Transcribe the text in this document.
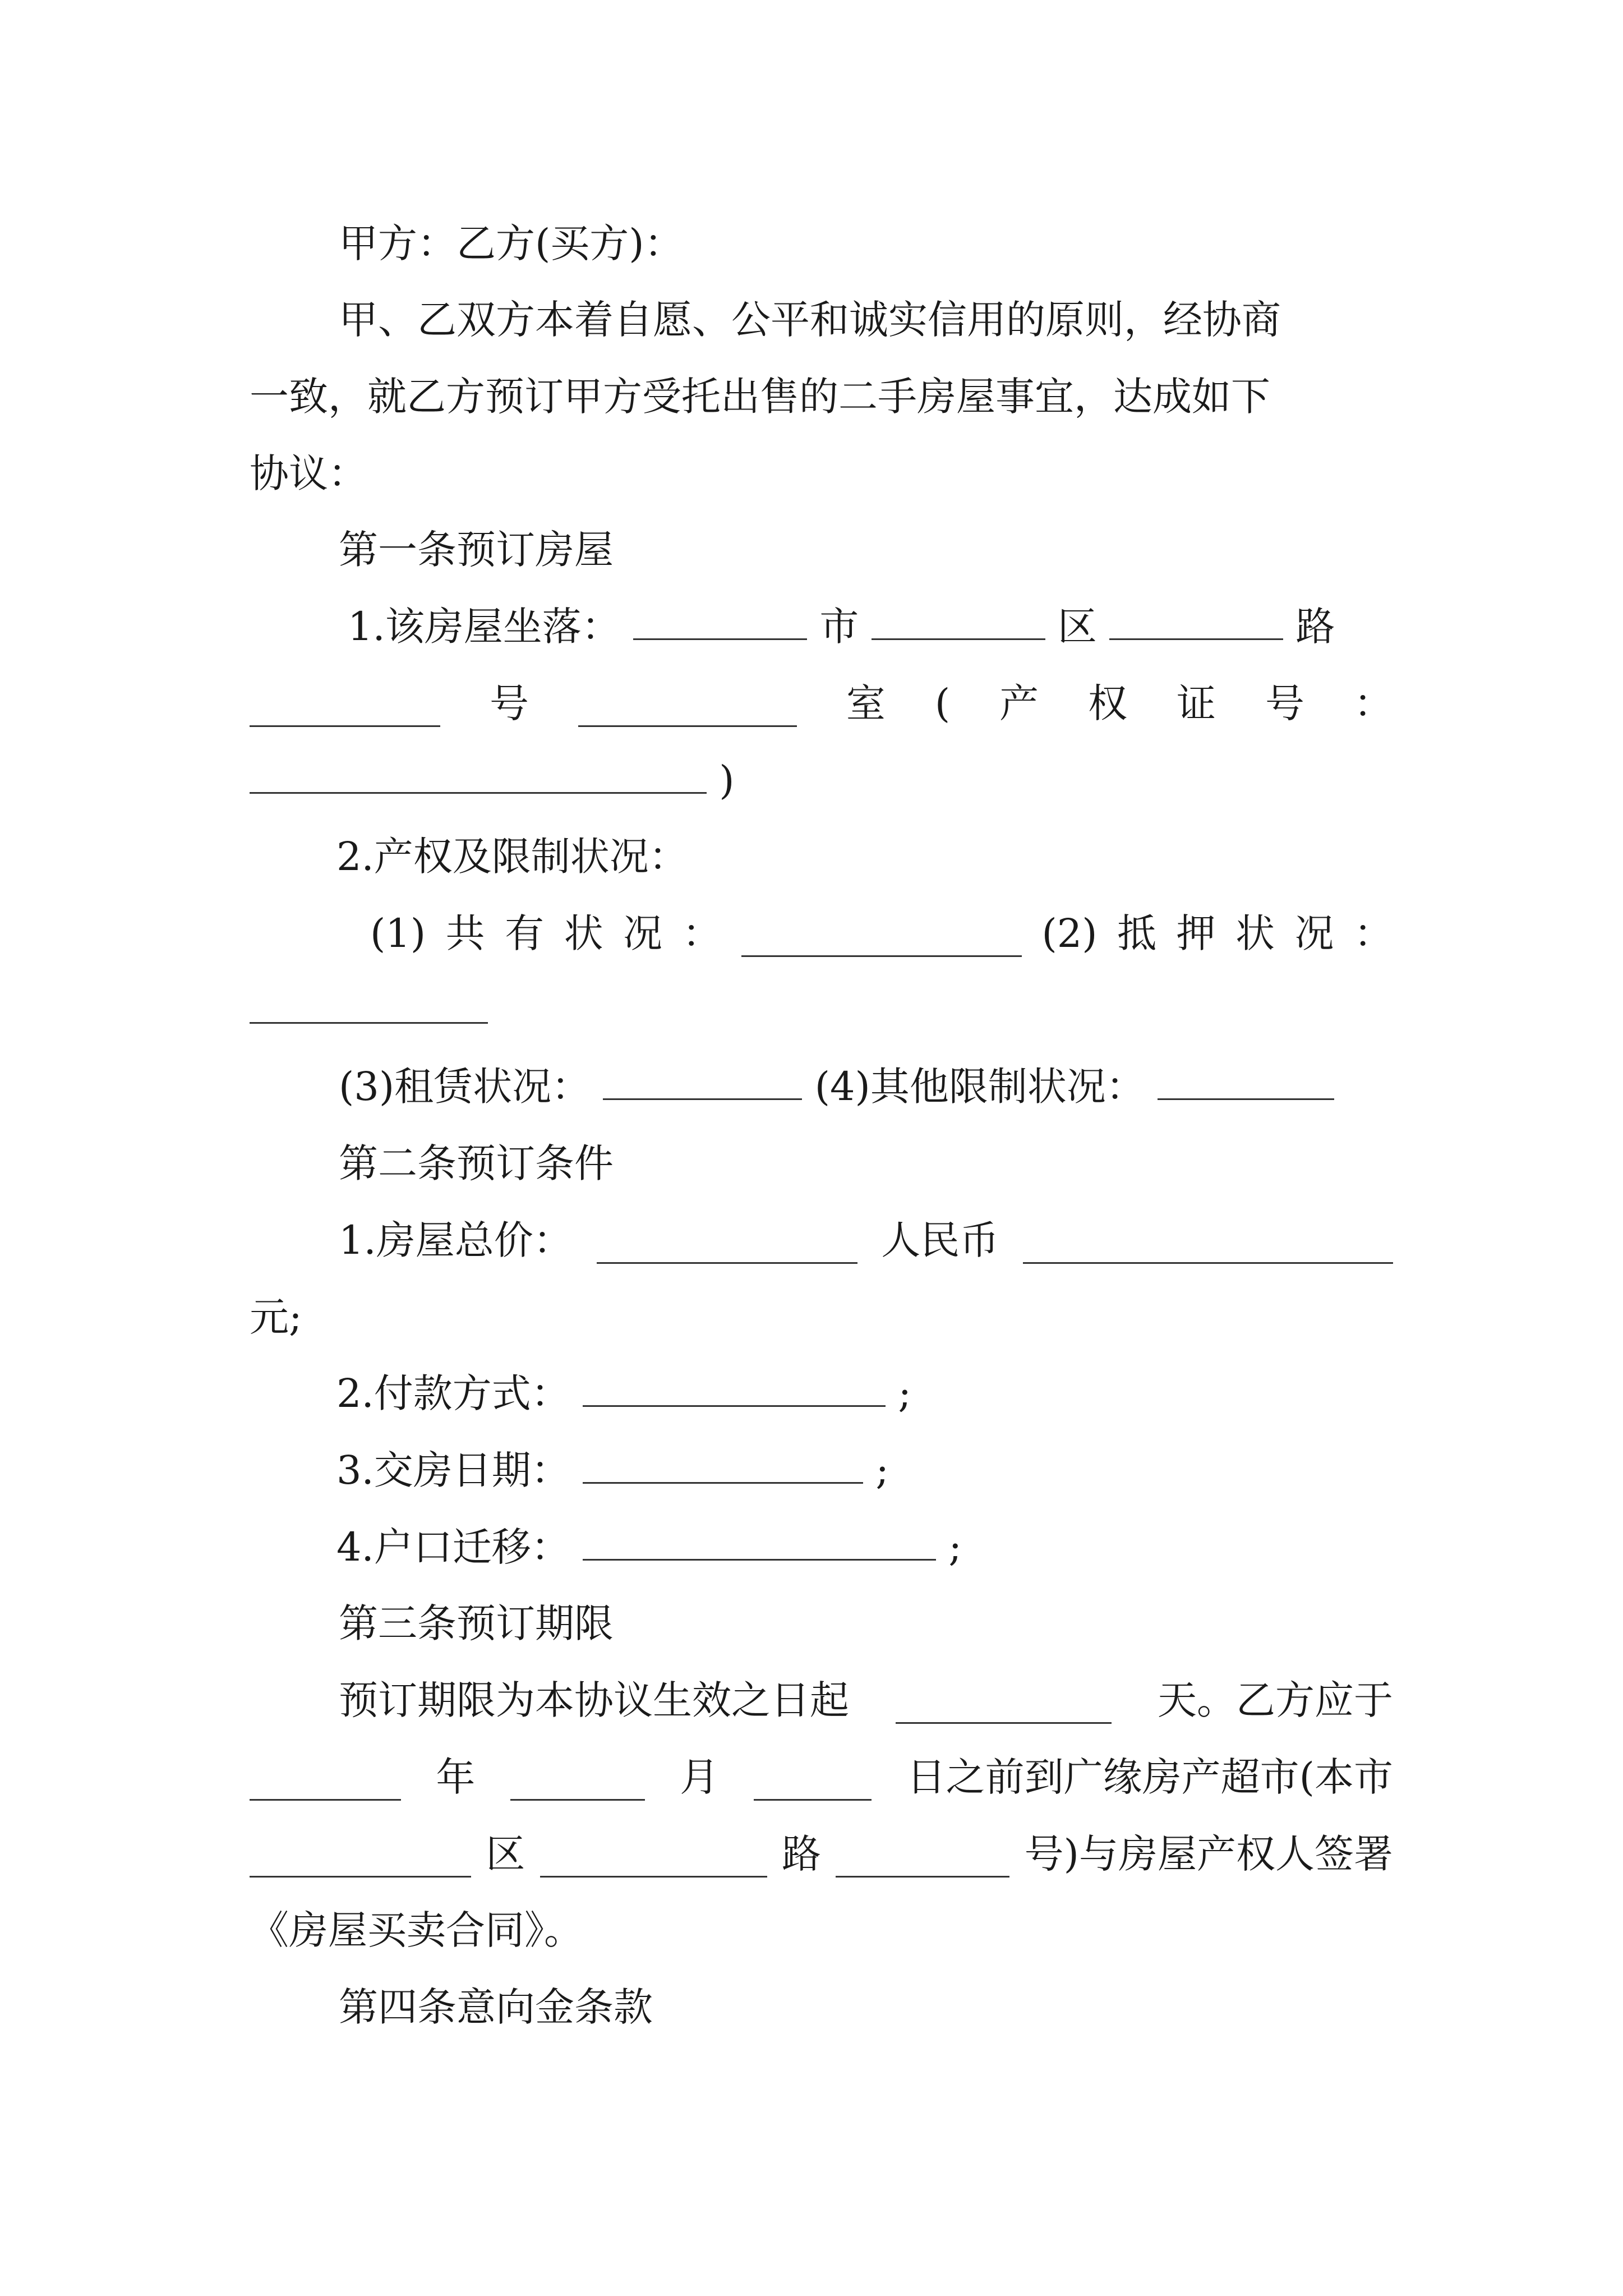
甲方：乙方(买方)：
甲、乙双方本着自愿、公平和诚实信用的原则，经协商
一致，就乙方预订甲方受托出售的二手房屋事宜，达成如下
协议：
第一条预订房屋
1.该房屋坐落：	市	区	路
号	室 ( 产 权 证 号 ：
)
2.产权及限制状况：
(1) 共 有 状 况 ：	(2) 抵 押 状 况 ：
(3)租赁状况：	(4)其他限制状况：
第二条预订条件
1.房屋总价：	人民币
元;
2.付款方式：	;
3.交房日期：	;
4.户口迁移：	;
第三条预订期限
预订期限为本协议生效之日起	天。乙方应于
年	月	日之前到广缘房产超市(本市
区	路	号)与房屋产权人签署
《房屋买卖合同》。
第四条意向金条款
